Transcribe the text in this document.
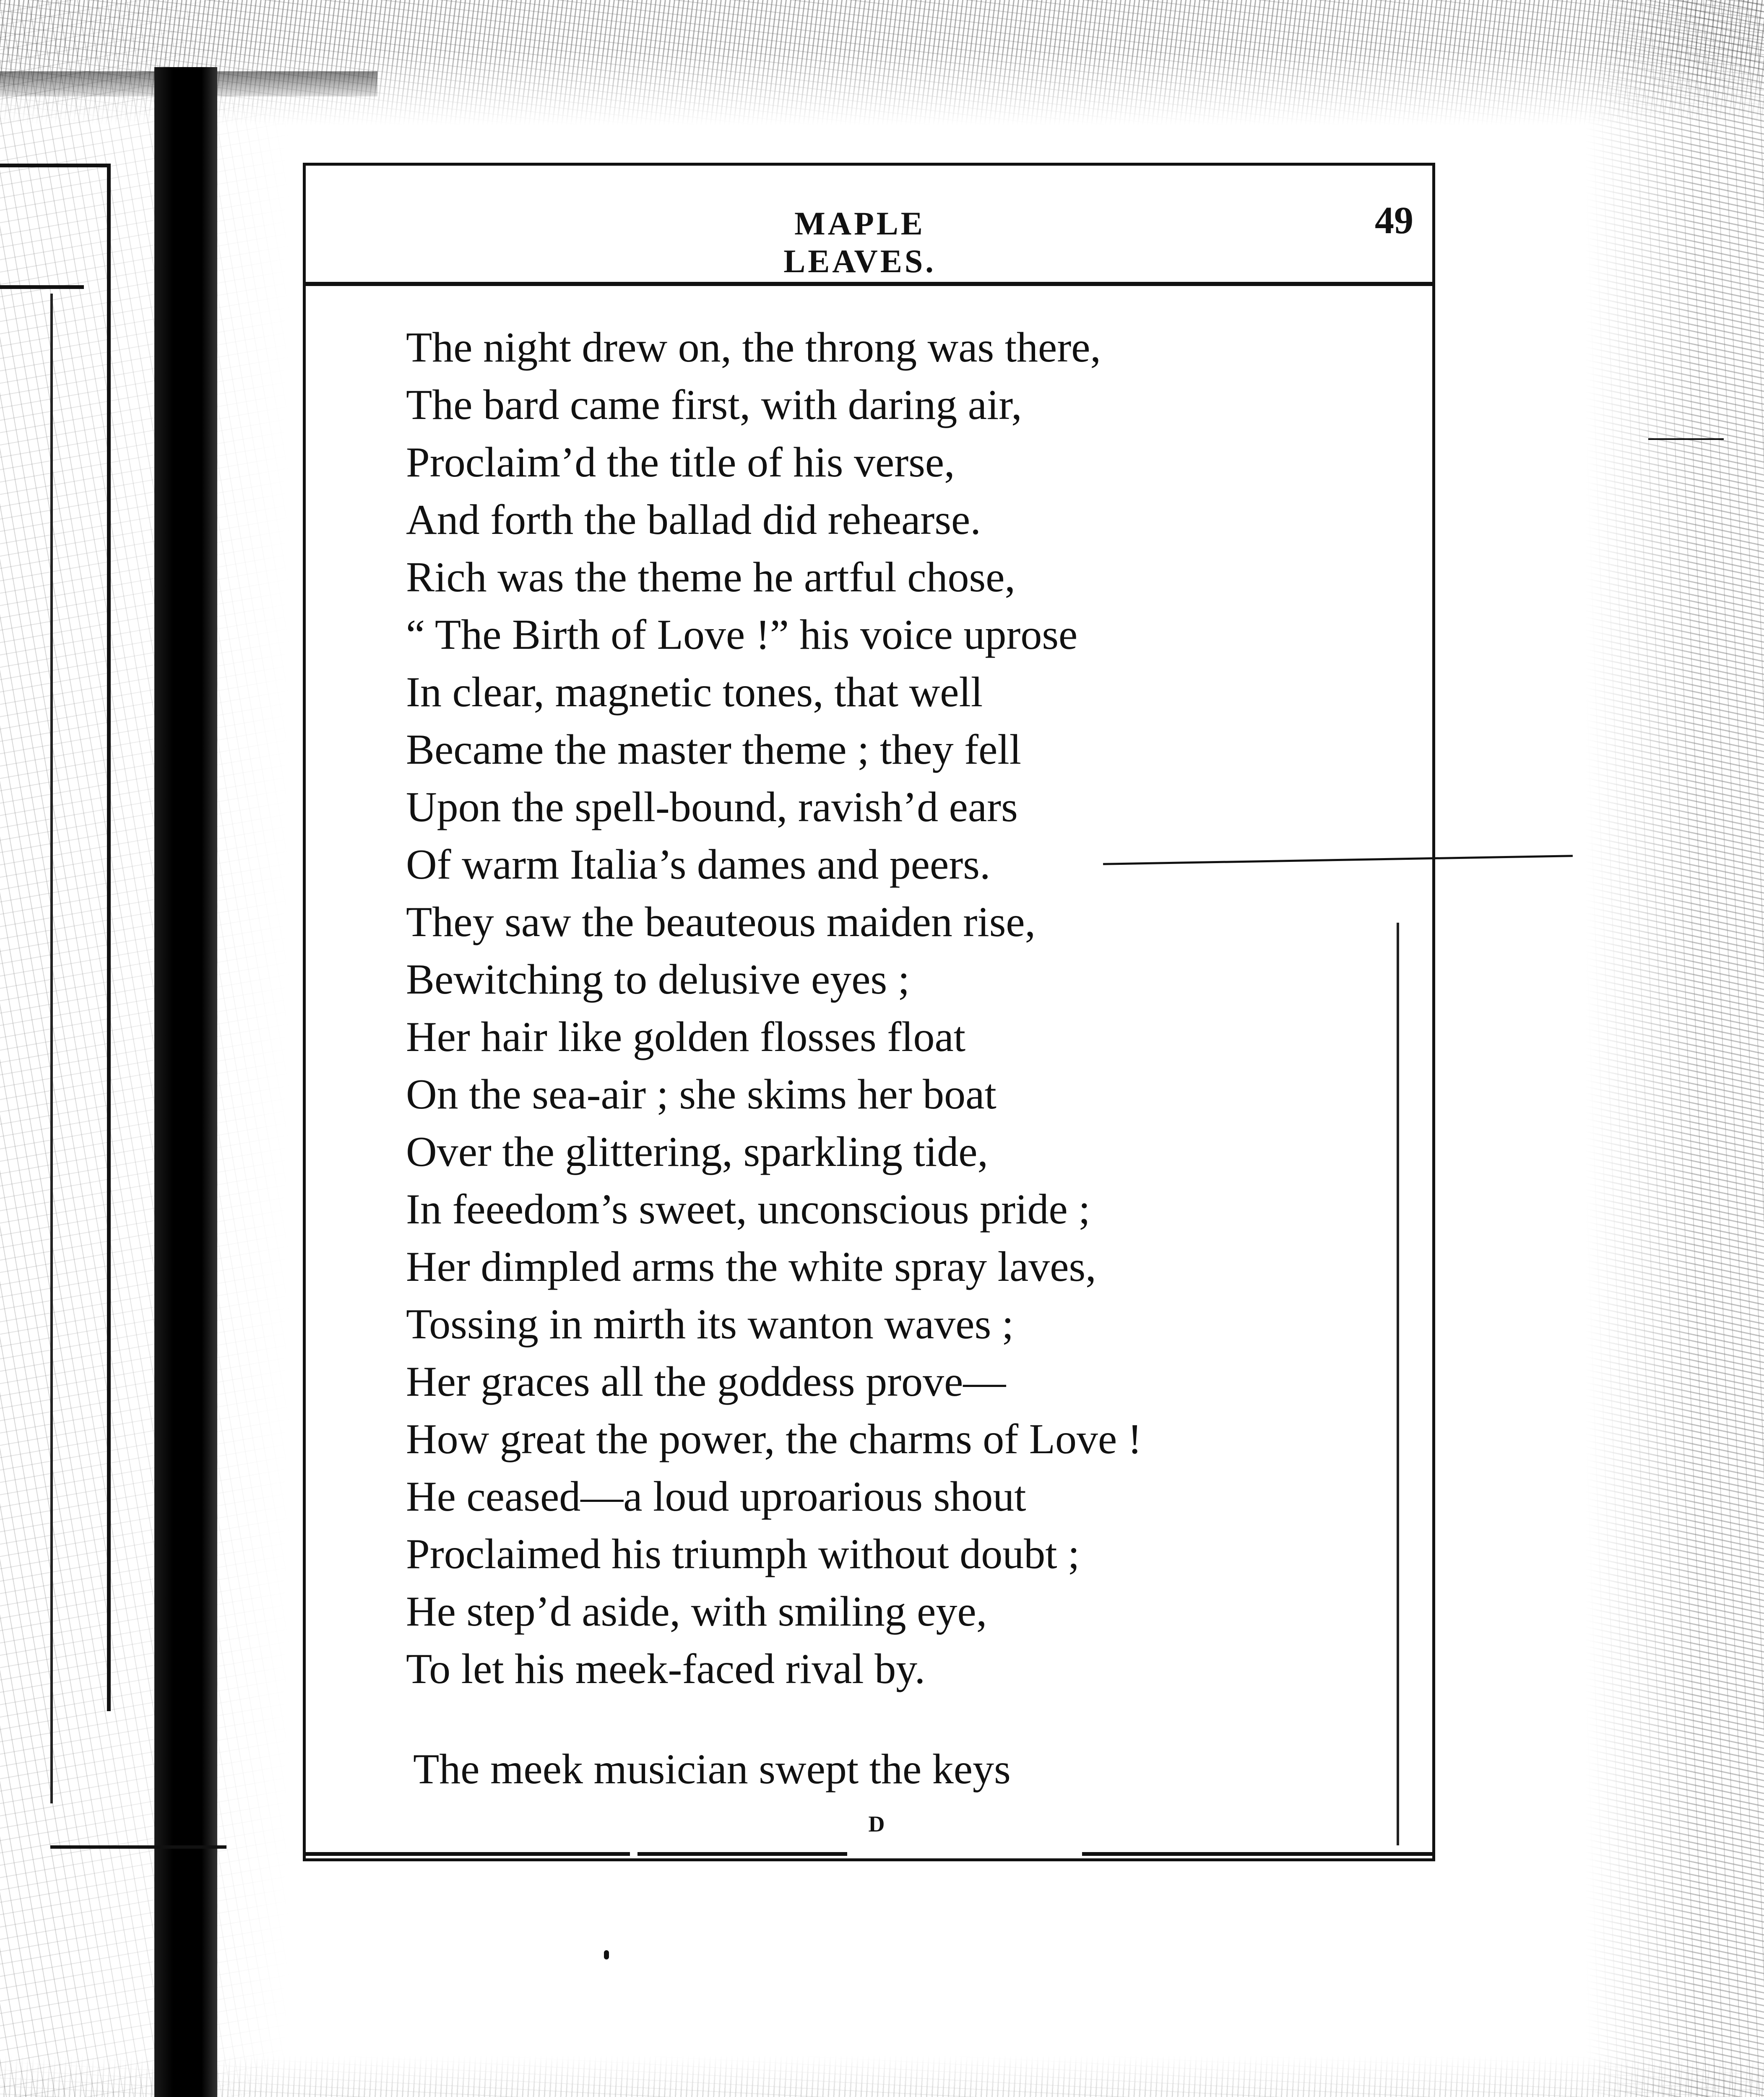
MAPLE LEAVES.
49
The night drew on, the throng was there,
The bard came first, with daring air,
Proclaim’d the title of his verse,
And forth the ballad did rehearse.
Rich was the theme he artful chose,
“ The Birth of Love !” his voice uprose
In clear, magnetic tones, that well
Became the master theme ; they fell
Upon the spell-bound, ravish’d ears
Of warm Italia’s dames and peers.
They saw the beauteous maiden rise,
Bewitching to delusive eyes ;
Her hair like golden flosses float
On the sea-air ; she skims her boat
Over the glittering, sparkling tide,
In feeedom’s sweet, unconscious pride ;
Her dimpled arms the white spray laves,
Tossing in mirth its wanton waves ;
Her graces all the goddess prove—
How great the power, the charms of Love !
He ceased—a loud uproarious shout
Proclaimed his triumph without doubt ;
He step’d aside, with smiling eye,
To let his meek-faced rival by.
The meek musician swept the keys
D
